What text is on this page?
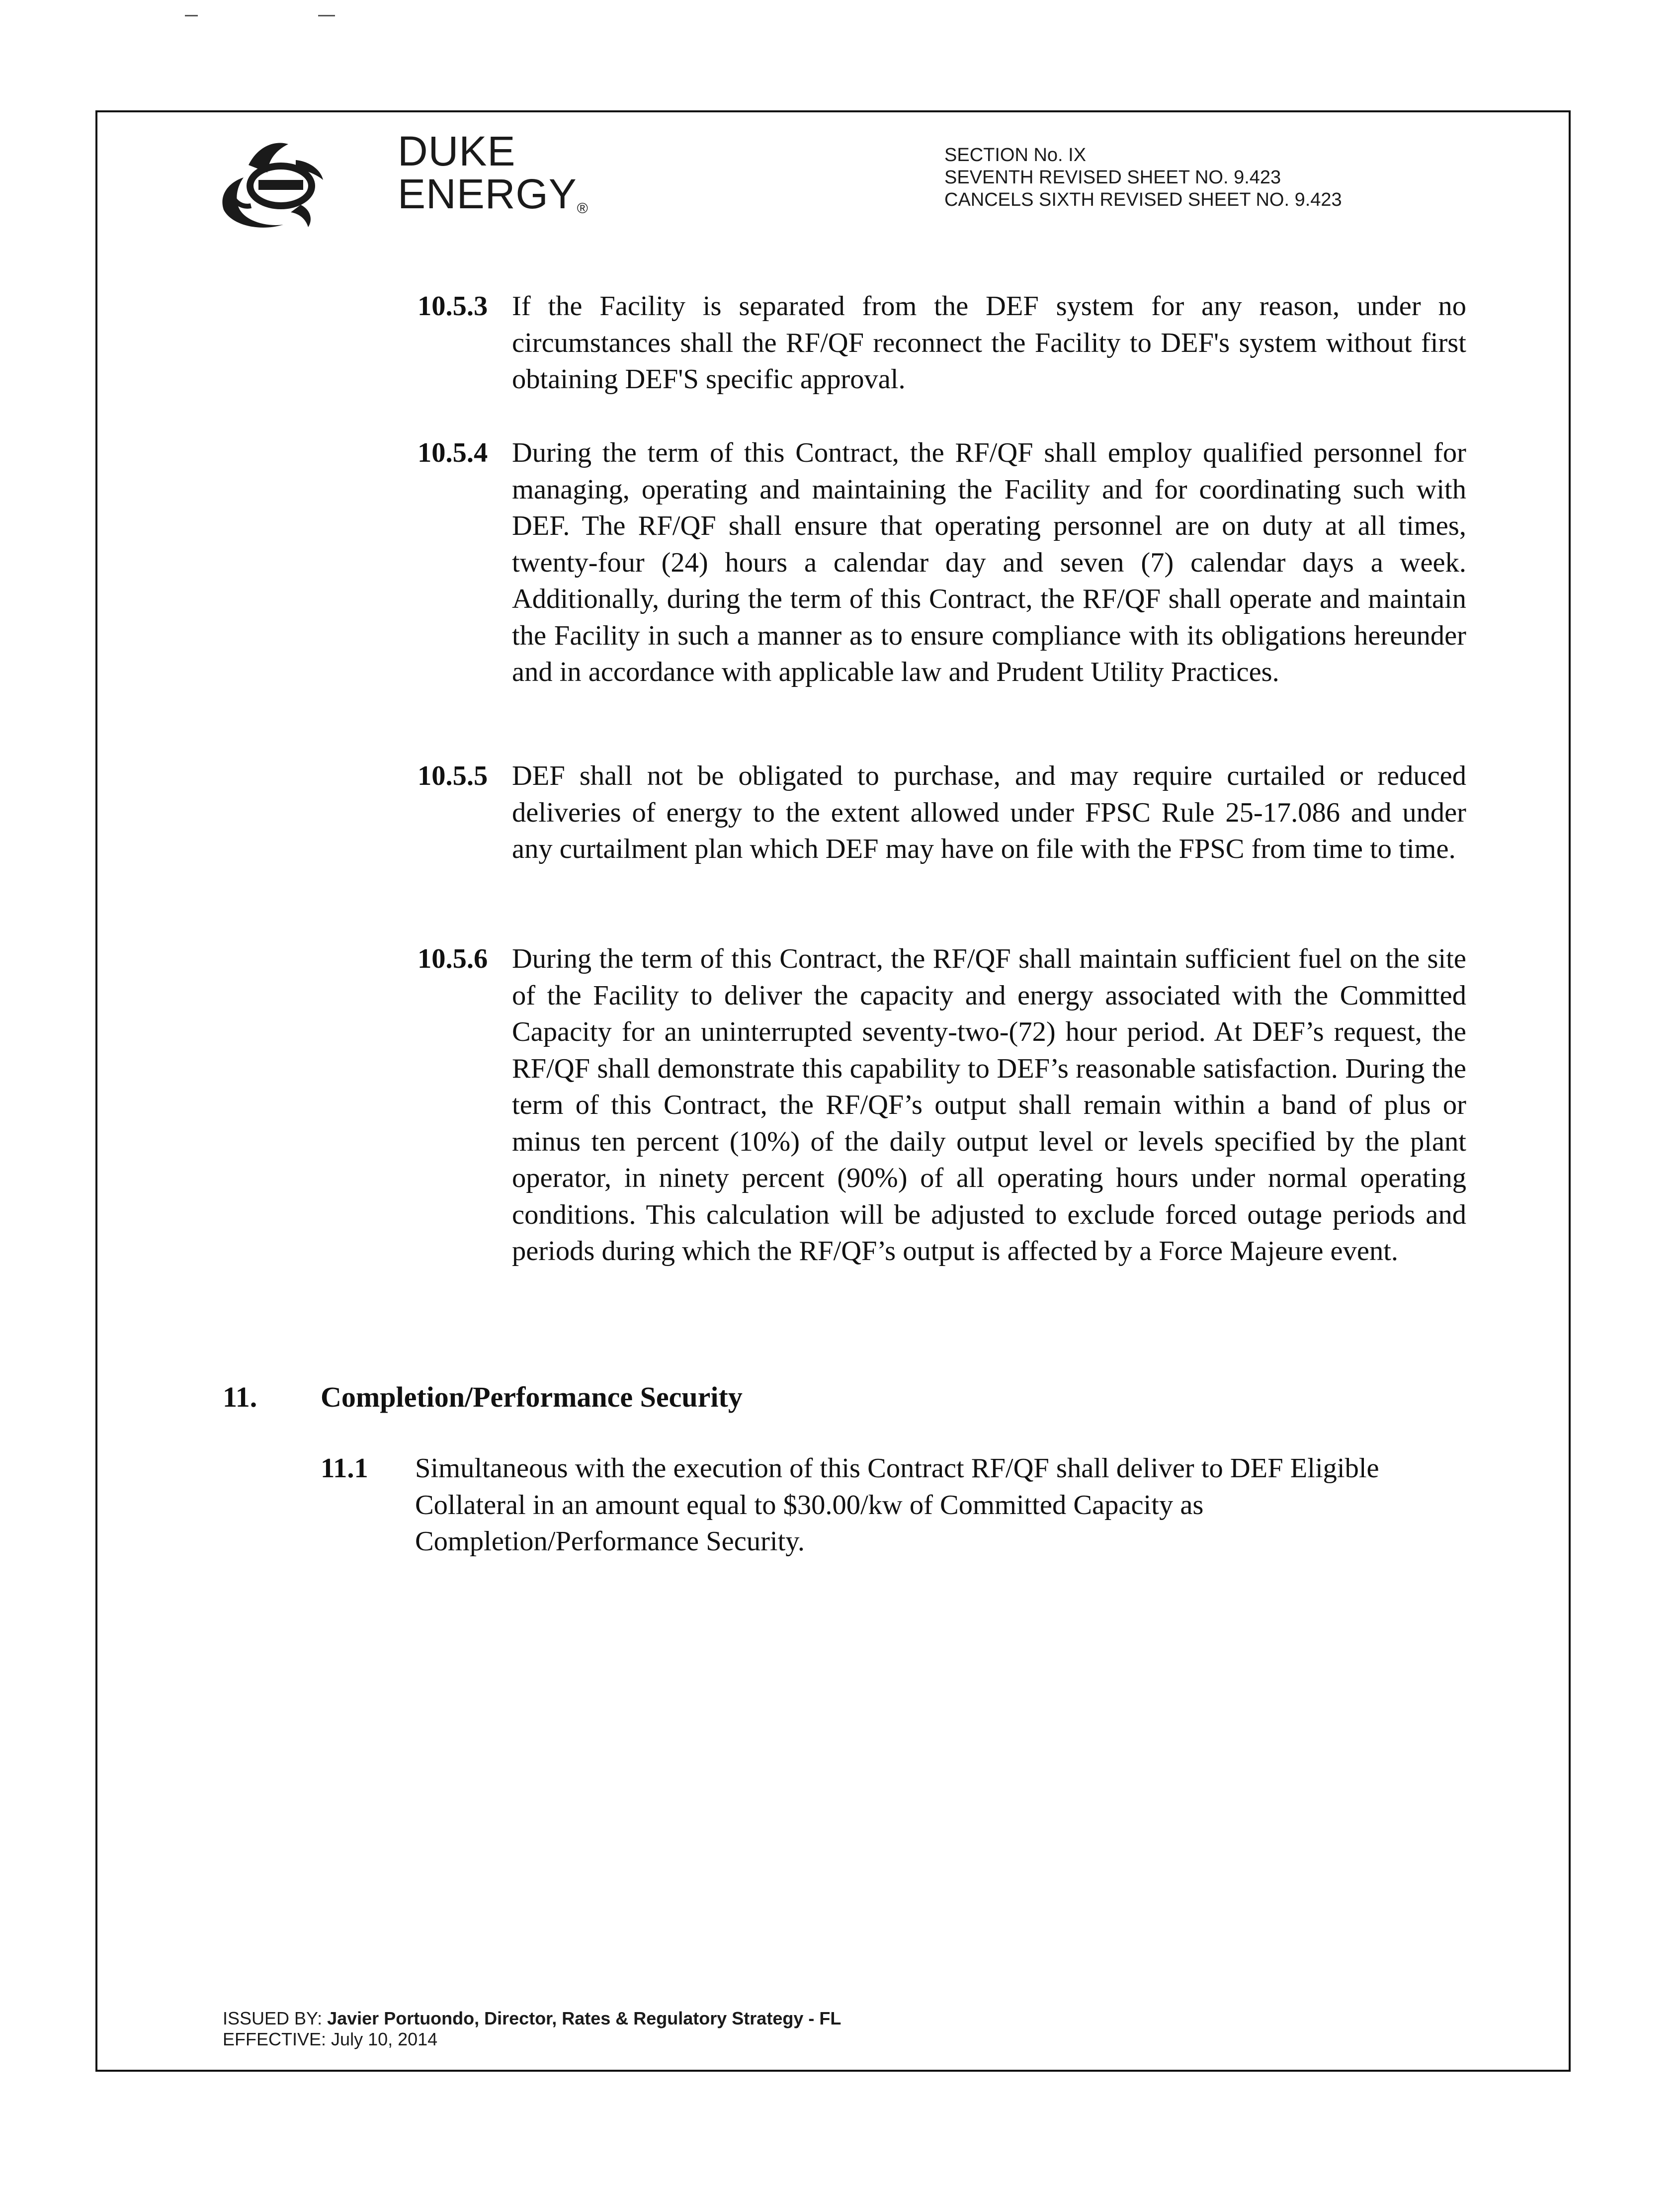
DUKE
ENERGY®
SECTION No. IX
SEVENTH REVISED SHEET NO. 9.423
CANCELS SIXTH REVISED SHEET NO. 9.423
10.5.3 If the Facility is separated from the DEF system for any reason, under no circumstances shall the RF/QF reconnect the Facility to DEF's system without first obtaining DEF'S specific approval.
10.5.4 During the term of this Contract, the RF/QF shall employ qualified personnel for managing, operating and maintaining the Facility and for coordinating such with DEF. The RF/QF shall ensure that operating personnel are on duty at all times, twenty-four (24) hours a calendar day and seven (7) calendar days a week. Additionally, during the term of this Contract, the RF/QF shall operate and maintain the Facility in such a manner as to ensure compliance with its obligations hereunder and in accordance with applicable law and Prudent Utility Practices.
10.5.5 DEF shall not be obligated to purchase, and may require curtailed or reduced deliveries of energy to the extent allowed under FPSC Rule 25-17.086 and under any curtailment plan which DEF may have on file with the FPSC from time to time.
10.5.6 During the term of this Contract, the RF/QF shall maintain sufficient fuel on the site of the Facility to deliver the capacity and energy associated with the Committed Capacity for an uninterrupted seventy-two-(72) hour period. At DEF’s request, the RF/QF shall demonstrate this capability to DEF’s reasonable satisfaction. During the term of this Contract, the RF/QF’s output shall remain within a band of plus or minus ten percent (10%) of the daily output level or levels specified by the plant operator, in ninety percent (90%) of all operating hours under normal operating conditions. This calculation will be adjusted to exclude forced outage periods and periods during which the RF/QF’s output is affected by a Force Majeure event.
11. Completion/Performance Security
11.1 Simultaneous with the execution of this Contract RF/QF shall deliver to DEF Eligible Collateral in an amount equal to $30.00/kw of Committed Capacity as Completion/Performance Security.
ISSUED BY: Javier Portuondo, Director, Rates & Regulatory Strategy - FL
EFFECTIVE: July 10, 2014
